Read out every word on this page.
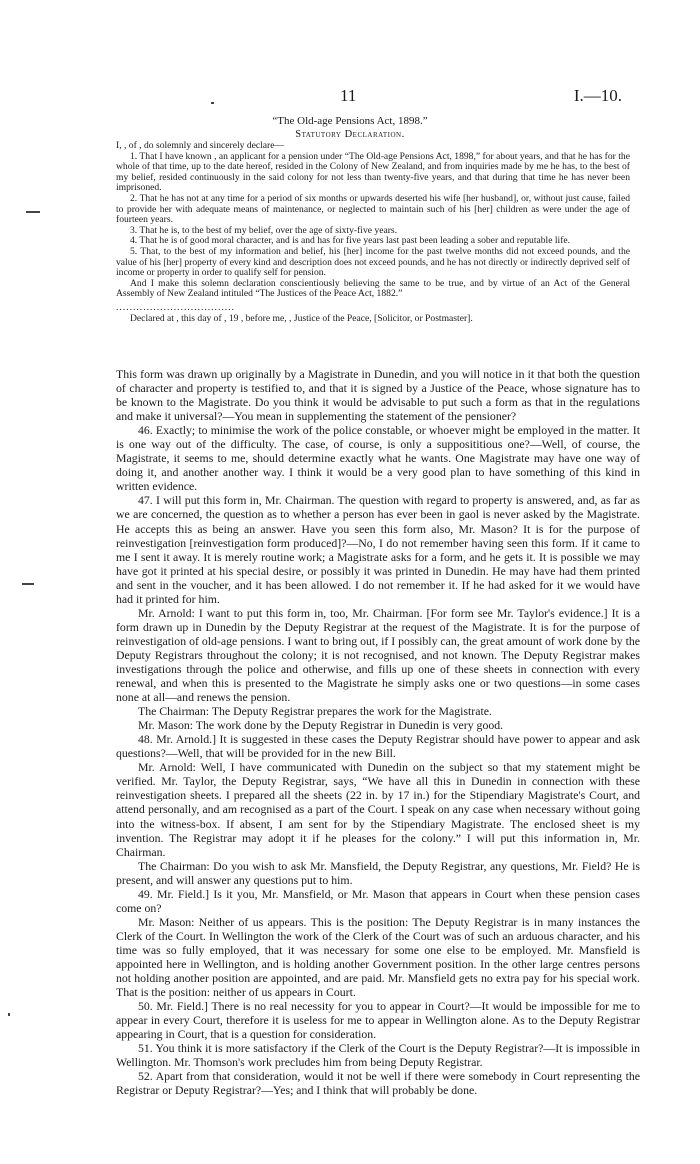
11	I.—10.
“The Old-age Pensions Act, 1898.”
Statutory Declaration.

I, , of , do solemnly and sincerely declare—

1. That I have known , an applicant for a pension under “The Old-age Pensions Act, 1898,” for about years, and that he has for the whole of that time, up to the date hereof, resided in the Colony of New Zealand, and from inquiries made by me he has, to the best of my belief, resided continuously in the said colony for not less than twenty-five years, and that during that time he has never been imprisoned.

2. That he has not at any time for a period of six months or upwards deserted his wife [her husband], or, without just cause, failed to provide her with adequate means of maintenance, or neglected to maintain such of his [her] children as were under the age of fourteen years.

3. That he is, to the best of my belief, over the age of sixty-five years.

4. That he is of good moral character, and is and has for five years last past been leading a sober and reputable life.

5. That, to the best of my information and belief, his [her] income for the past twelve months did not exceed pounds, and the value of his [her] property of every kind and description does not exceed pounds, and he has not directly or indirectly deprived self of income or property in order to qualify self for pension.

And I make this solemn declaration conscientiously believing the same to be true, and by virtue of an Act of the General Assembly of New Zealand intituled “The Justices of the Peace Act, 1882.”

...................................

Declared at , this day of , 19 , before me, , Justice of the Peace, [Solicitor, or Postmaster].

This form was drawn up originally by a Magistrate in Dunedin, and you will notice in it that both the question of character and property is testified to, and that it is signed by a Justice of the Peace, whose signature has to be known to the Magistrate. Do you think it would be advisable to put such a form as that in the regulations and make it universal?—You mean in supplementing the statement of the pensioner?

46. Exactly; to minimise the work of the police constable, or whoever might be employed in the matter. It is one way out of the difficulty. The case, of course, is only a supposititious one?—Well, of course, the Magistrate, it seems to me, should determine exactly what he wants. One Magistrate may have one way of doing it, and another another way. I think it would be a very good plan to have something of this kind in written evidence.

47. I will put this form in, Mr. Chairman. The question with regard to property is answered, and, as far as we are concerned, the question as to whether a person has ever been in gaol is never asked by the Magistrate. He accepts this as being an answer. Have you seen this form also, Mr. Mason? It is for the purpose of reinvestigation [reinvestigation form produced]?—No, I do not remember having seen this form. If it came to me I sent it away. It is merely routine work; a Magistrate asks for a form, and he gets it. It is possible we may have got it printed at his special desire, or possibly it was printed in Dunedin. He may have had them printed and sent in the voucher, and it has been allowed. I do not remember it. If he had asked for it we would have had it printed for him.

Mr. Arnold: I want to put this form in, too, Mr. Chairman. [For form see Mr. Taylor's evidence.] It is a form drawn up in Dunedin by the Deputy Registrar at the request of the Magistrate. It is for the purpose of reinvestigation of old-age pensions. I want to bring out, if I possibly can, the great amount of work done by the Deputy Registrars throughout the colony; it is not recognised, and not known. The Deputy Registrar makes investigations through the police and otherwise, and fills up one of these sheets in connection with every renewal, and when this is presented to the Magistrate he simply asks one or two questions—in some cases none at all—and renews the pension.

The Chairman: The Deputy Registrar prepares the work for the Magistrate.

Mr. Mason: The work done by the Deputy Registrar in Dunedin is very good.

48. Mr. Arnold.] It is suggested in these cases the Deputy Registrar should have power to appear and ask questions?—Well, that will be provided for in the new Bill.

Mr. Arnold: Well, I have communicated with Dunedin on the subject so that my statement might be verified. Mr. Taylor, the Deputy Registrar, says, “We have all this in Dunedin in connection with these reinvestigation sheets. I prepared all the sheets (22 in. by 17 in.) for the Stipendiary Magistrate's Court, and attend personally, and am recognised as a part of the Court. I speak on any case when necessary without going into the witness-box. If absent, I am sent for by the Stipendiary Magistrate. The enclosed sheet is my invention. The Registrar may adopt it if he pleases for the colony.” I will put this information in, Mr. Chairman.

The Chairman: Do you wish to ask Mr. Mansfield, the Deputy Registrar, any questions, Mr. Field? He is present, and will answer any questions put to him.

49. Mr. Field.] Is it you, Mr. Mansfield, or Mr. Mason that appears in Court when these pension cases come on?

Mr. Mason: Neither of us appears. This is the position: The Deputy Registrar is in many instances the Clerk of the Court. In Wellington the work of the Clerk of the Court was of such an arduous character, and his time was so fully employed, that it was necessary for some one else to be employed. Mr. Mansfield is appointed here in Wellington, and is holding another Government position. In the other large centres persons not holding another position are appointed, and are paid. Mr. Mansfield gets no extra pay for his special work. That is the position: neither of us appears in Court.

50. Mr. Field.] There is no real necessity for you to appear in Court?—It would be impossible for me to appear in every Court, therefore it is useless for me to appear in Wellington alone. As to the Deputy Registrar appearing in Court, that is a question for consideration.

51. You think it is more satisfactory if the Clerk of the Court is the Deputy Registrar?—It is impossible in Wellington. Mr. Thomson's work precludes him from being Deputy Registrar.

52. Apart from that consideration, would it not be well if there were somebody in Court representing the Registrar or Deputy Registrar?—Yes; and I think that will probably be done.
